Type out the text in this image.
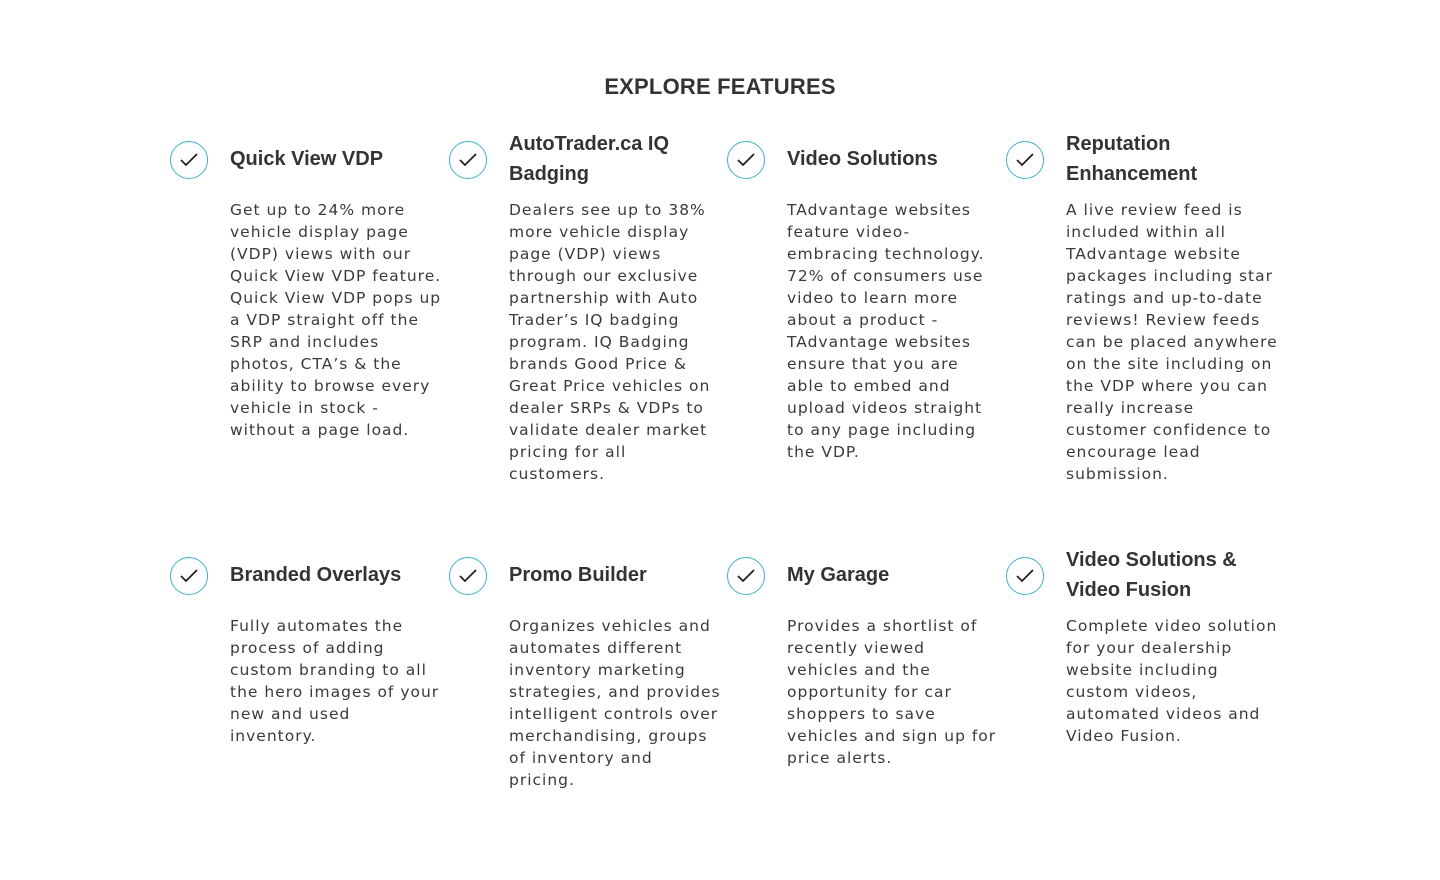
EXPLORE FEATURES
Quick View VDP

Get up to 24% more vehicle display page (VDP) views with our Quick View VDP feature. Quick View VDP pops up a VDP straight off the SRP and includes photos, CTA’s & the ability to browse every vehicle in stock - without a page load.

AutoTrader.ca IQ Badging

Dealers see up to 38% more vehicle display page (VDP) views through our exclusive partnership with Auto Trader’s IQ badging program. IQ Badging brands Good Price & Great Price vehicles on dealer SRPs & VDPs to validate dealer market pricing for all customers.

Video Solutions

TAdvantage websites feature video-embracing technology. 72% of consumers use video to learn more about a product - TAdvantage websites ensure that you are able to embed and upload videos straight to any page including the VDP.

Reputation Enhancement

A live review feed is included within all TAdvantage website packages including star ratings and up-to-date reviews! Review feeds can be placed anywhere on the site including on the VDP where you can really increase customer confidence to encourage lead submission.

Branded Overlays

Fully automates the process of adding custom branding to all the hero images of your new and used inventory.

Promo Builder

Organizes vehicles and automates different inventory marketing strategies, and provides intelligent controls over merchandising, groups of inventory and pricing.

My Garage

Provides a shortlist of recently viewed vehicles and the opportunity for car shoppers to save vehicles and sign up for price alerts.

Video Solutions & Video Fusion

Complete video solution for your dealership website including custom videos, automated videos and Video Fusion.
